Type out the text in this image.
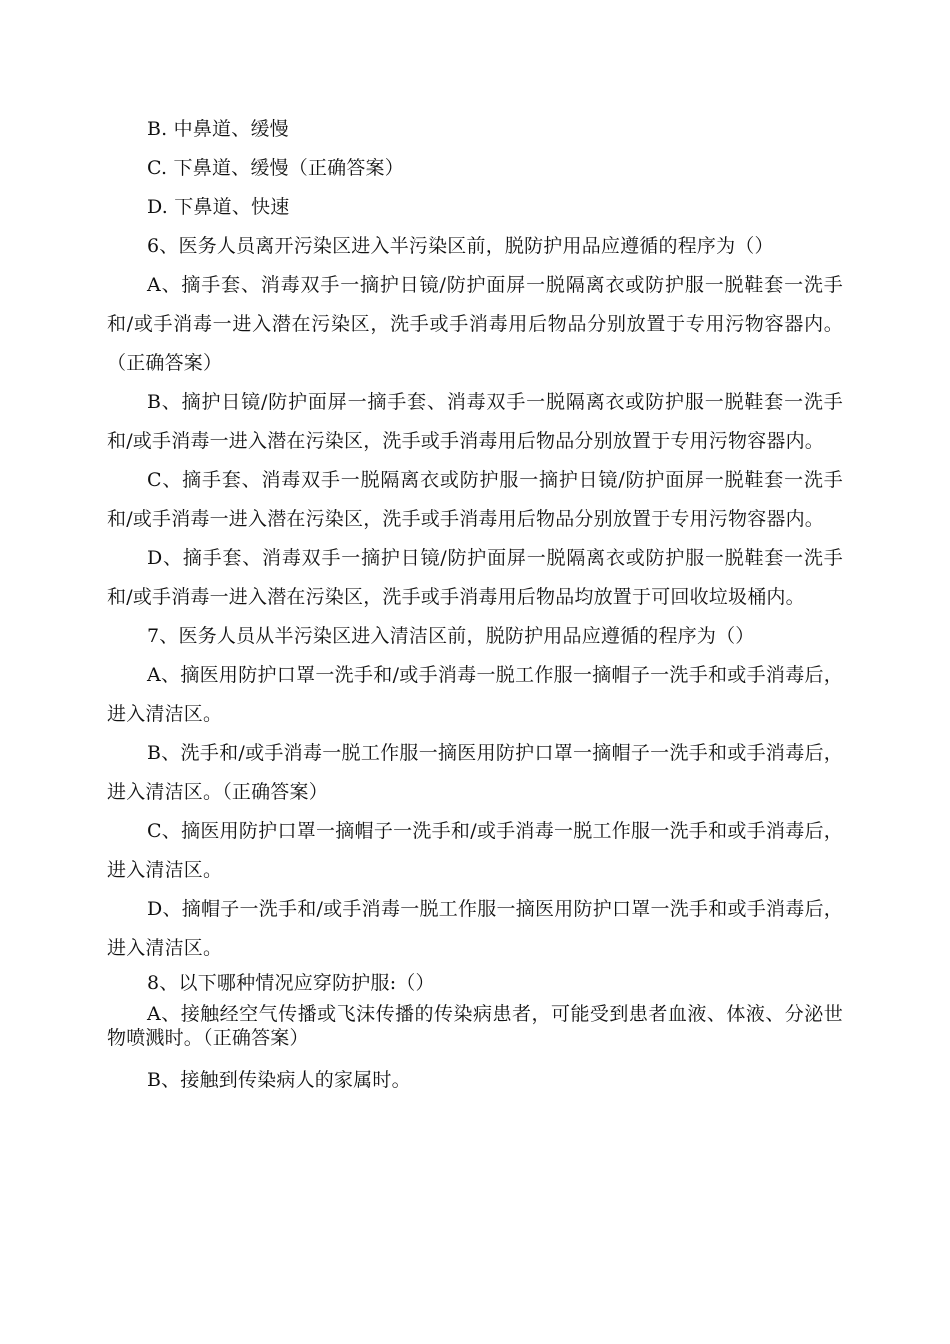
B. 中鼻道、缓慢

C. 下鼻道、缓慢（正确答案）

D. 下鼻道、快速

6、医务人员离开污染区进入半污染区前，脱防护用品应遵循的程序为（）

A、摘手套、消毒双手一摘护日镜/防护面屏一脱隔离衣或防护服一脱鞋套一洗手和/或手消毒一进入潜在污染区，洗手或手消毒用后物品分别放置于专用污物容器内。（正确答案）

B、摘护日镜/防护面屏一摘手套、消毒双手一脱隔离衣或防护服一脱鞋套一洗手和/或手消毒一进入潜在污染区，洗手或手消毒用后物品分别放置于专用污物容器内。

C、摘手套、消毒双手一脱隔离衣或防护服一摘护日镜/防护面屏一脱鞋套一洗手和/或手消毒一进入潜在污染区，洗手或手消毒用后物品分别放置于专用污物容器内。

D、摘手套、消毒双手一摘护日镜/防护面屏一脱隔离衣或防护服一脱鞋套一洗手和/或手消毒一进入潜在污染区，洗手或手消毒用后物品均放置于可回收垃圾桶内。

7、医务人员从半污染区进入清洁区前，脱防护用品应遵循的程序为（）

A、摘医用防护口罩一洗手和/或手消毒一脱工作服一摘帽子一洗手和或手消毒后，进入清洁区。

B、洗手和/或手消毒一脱工作服一摘医用防护口罩一摘帽子一洗手和或手消毒后，进入清洁区。（正确答案）

C、摘医用防护口罩一摘帽子一洗手和/或手消毒一脱工作服一洗手和或手消毒后，进入清洁区。

D、摘帽子一洗手和/或手消毒一脱工作服一摘医用防护口罩一洗手和或手消毒后，进入清洁区。

8、以下哪种情况应穿防护服:（）

A、接触经空气传播或飞沫传播的传染病患者，可能受到患者血液、体液、分泌世物喷溅时。（正确答案）

B、接触到传染病人的家属时。
